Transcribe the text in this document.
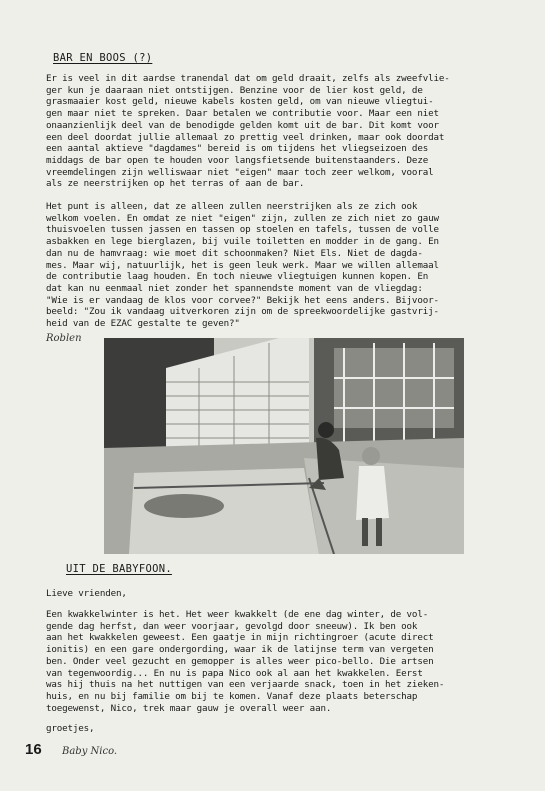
BAR EN BOOS (?)
Er is veel in dit aardse tranendal dat om geld draait, zelfs als zweefvlie-
ger kun je daaraan niet ontstijgen. Benzine voor de lier kost geld, de
grasmaaier kost geld, nieuwe kabels kosten geld, om van nieuwe vliegtui-
gen maar niet te spreken. Daar betalen we contributie voor. Maar een niet
onaanzienlijk deel van de benodigde gelden komt uit de bar. Dit komt voor
een deel doordat jullie allemaal zo prettig veel drinken, maar ook doordat
een aantal aktieve "dagdames" bereid is om tijdens het vliegseizoen des
middags de bar open te houden voor langsfietsende buitenstaanders. Deze
vreemdelingen zijn welliswaar niet "eigen" maar toch zeer welkom, vooral
als ze neerstrijken op het terras of aan de bar.
Het punt is alleen, dat ze alleen zullen neerstrijken als ze zich ook
welkom voelen. En omdat ze niet "eigen" zijn, zullen ze zich niet zo gauw
thuisvoelen tussen jassen en tassen op stoelen en tafels, tussen de volle
asbakken en lege bierglazen, bij vuile toiletten en modder in de gang. En
dan nu de hamvraag: wie moet dit schoonmaken? Niet Els. Niet de dagda-
mes. Maar wij, natuurlijk, het is geen leuk werk. Maar we willen allemaal
de contributie laag houden. En toch nieuwe vliegtuigen kunnen kopen. En
dat kan nu eenmaal niet zonder het spannendste moment van de vliegdag:
"Wie is er vandaag de klos voor corvee?" Bekijk het eens anders. Bijvoor-
beeld: "Zou ik vandaag uitverkoren zijn om de spreekwoordelijke gastvrij-
heid van de EZAC gestalte te geven?"
Roblen
UIT DE BABYFOON.
Lieve vrienden,
Een kwakkelwinter is het. Het weer kwakkelt (de ene dag winter, de vol-
gende dag herfst, dan weer voorjaar, gevolgd door sneeuw). Ik ben ook
aan het kwakkelen geweest. Een gaatje in mijn richtingroer (acute direct
ionitis) en een gare ondergording, waar ik de latijnse term van vergeten
ben. Onder veel gezucht en gemopper is alles weer pico-bello. Die artsen
van tegenwoordig... En nu is papa Nico ook al aan het kwakkelen. Eerst
was hij thuis na het nuttigen van een verjaarde snack, toen in het zieken-
huis, en nu bij familie om bij te komen. Vanaf deze plaats beterschap
toegewenst, Nico, trek maar gauw je overall weer aan.
groetjes,
16 Baby Nico.
